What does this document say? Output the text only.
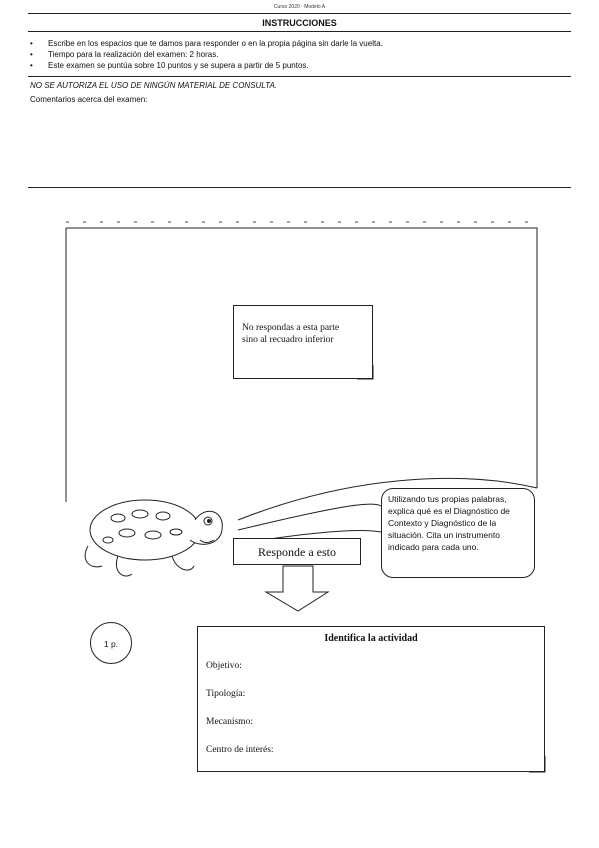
Curso 2020 · Modelo A
INSTRUCCIONES
• Escribe en los espacios que te damos para responder o en la propia página sin darle la vuelta.
• Tiempo para la realización del examen: 2 horas.
• Este examen se puntúa sobre 10 puntos y se supera a partir de 5 puntos.
NO SE AUTORIZA EL USO DE NINGÚN MATERIAL DE CONSULTA.
Comentarios acerca del examen:
No respondas a esta parte
sino al recuadro inferior
Responde a esto
Utilizando tus propias palabras, explica qué es el Diagnóstico de Contexto y Diagnóstico de la situación. Cita un instrumento indicado para cada uno.
1 p.	Identifica la actividad
Objetivo:
Tipología:
Mecanismo:
Centro de interés:
